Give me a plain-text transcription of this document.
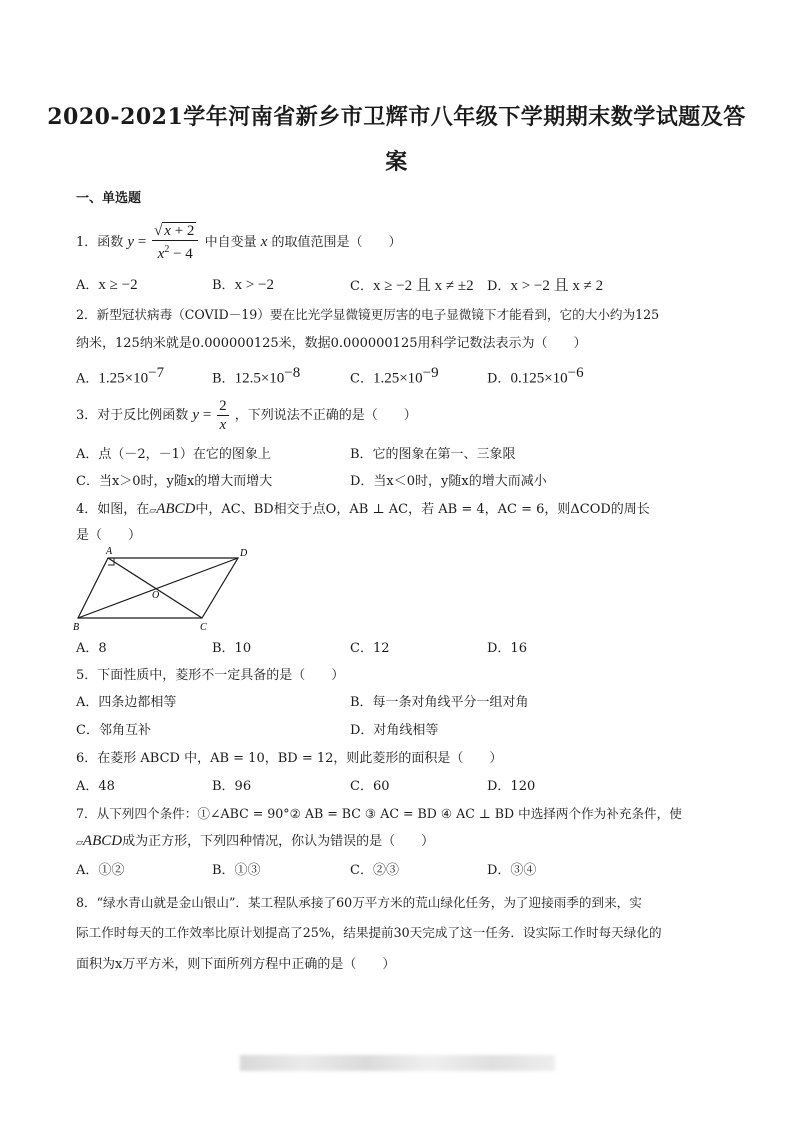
2020-2021学年河南省新乡市卫辉市八年级下学期期末数学试题及答
案
一、单选题
1．函数 $y = \frac{√ x + 2}{x^2 - 4}$ 中自变量 x 的取值范围是（　　）
A．x ≥ −2	B．x > −2	C．x ≥ −2 且 x ≠ ±2 D．x > −2 且 x ≠ 2
2．新型冠状病毒（COVID－19）要在比光学显微镜更厉害的电子显微镜下才能看到，它的大小约为125
纳米，125纳米就是0.000000125米，数据0.000000125用科学记数法表示为（　　）
A．$1.25\times 10^{-7}$	B．$12.5\times 10^{-8}$	C．$1.25\times 10^{-9}$	D．$0.125\times 10^{-6}$
3．对于反比例函数 $y = \frac{2}{x}$ ，下列说法不正确的是（　　）
A．点（－2，－1）在它的图象上	B．它的图象在第一、三象限
C．当x＞0时，y随x的增大而增大	D．当x＜0时，y随x的增大而减小
4．如图，在▱ABCD中，AC、BD相交于点O，AB ⊥ AC，若 AB = 4，AC = 6，则ΔCOD的周长
是（　　）
A	D
O
B	C
A．8	B．10	C．12	D．16
5．下面性质中，菱形不一定具备的是（　　）
A．四条边都相等	B．每一条对角线平分一组对角
C．邻角互补	D．对角线相等
6．在菱形 ABCD 中，AB = 10，BD = 12，则此菱形的面积是（　　）
A．48	B．96	C．60	D．120
7．从下列四个条件：①∠ABC = 90°② AB = BC ③ AC = BD ④ AC ⊥ BD 中选择两个作为补充条件，使
▱ABCD成为正方形，下列四种情况，你认为错误的是（　　）
A．①②	B．①③	C．②③	D．③④
8．“绿水青山就是金山银山”．某工程队承接了60万平方米的荒山绿化任务，为了迎接雨季的到来，实
际工作时每天的工作效率比原计划提高了25%，结果提前30天完成了这一任务．设实际工作时每天绿化的
面积为x万平方米，则下面所列方程中正确的是（　　）
